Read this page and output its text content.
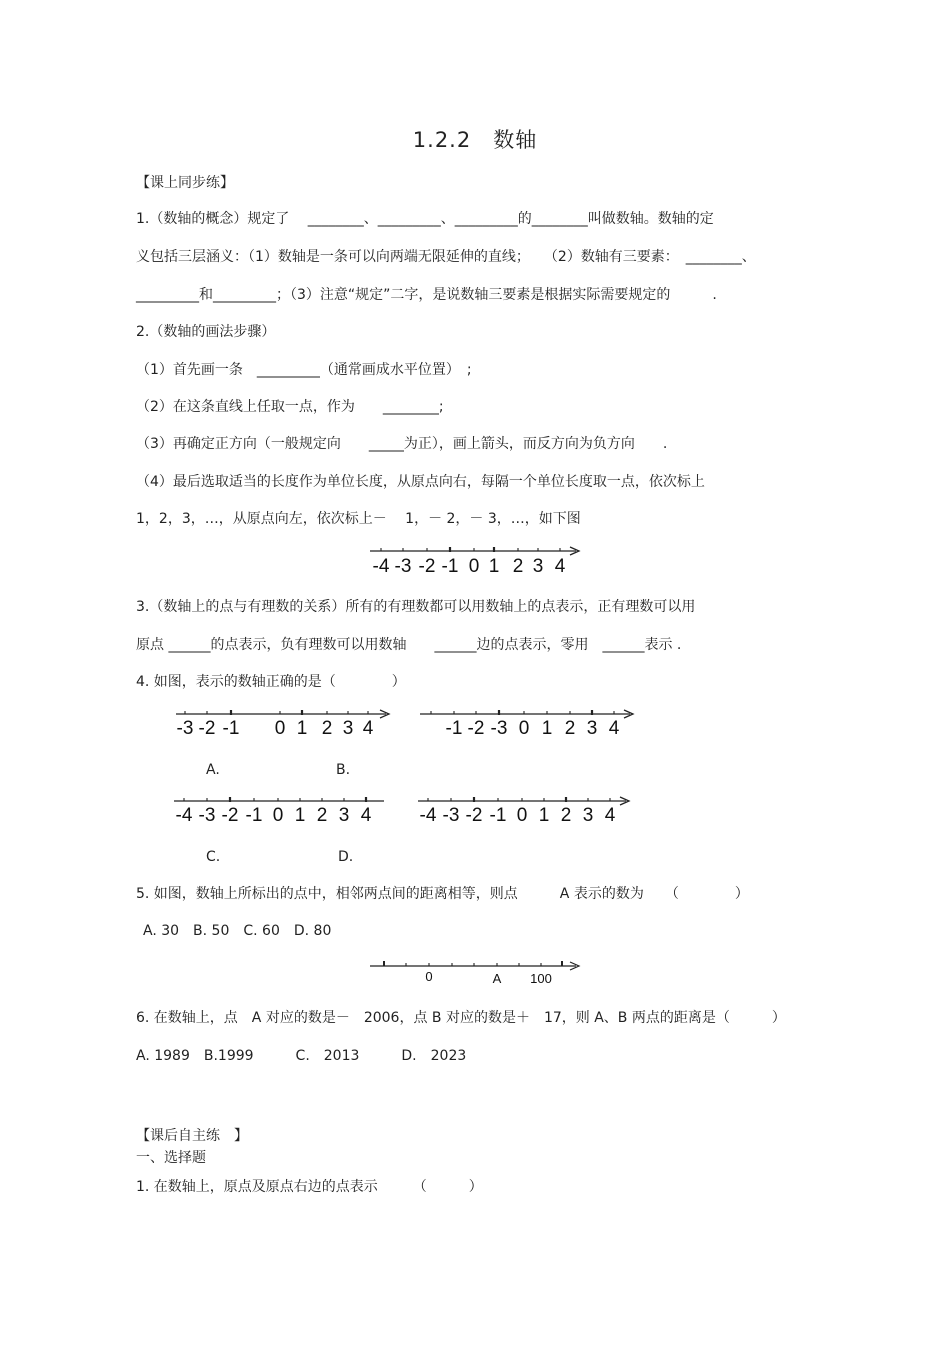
1.2.2　数轴
【课上同步练】
1.（数轴的概念）规定了　 ________、_________、_________的________叫做数轴。数轴的定
义包括三层涵义：（1）数轴是一条可以向两端无限延伸的直线；　　（2）数轴有三要素：　________、
_________和_________；（3）注意“规定”二字，是说数轴三要素是根据实际需要规定的　　　.
2.（数轴的画法步骤）
（1）首先画一条　_________（通常画成水平位置）　;
（2）在这条直线上任取一点，作为　　________;
（3）再确定正方向（一般规定向　　_____为正），画上箭头，而反方向为负方向　　.
（4）最后选取适当的长度作为单位长度，从原点向右，每隔一个单位长度取一点，依次标上
1，2，3，…，从原点向左，依次标上－　 1，－ 2，－ 3，…，如下图
-4 -3 -2 -1 0 1 2 3 4
3.（数轴上的点与有理数的关系）所有的有理数都可以用数轴上的点表示，正有理数可以用
原点 ______的点表示，负有理数可以用数轴　　______边的点表示，零用　______表示 .
4. 如图，表示的数轴正确的是（　　　　）
-3 -2 -1 0 1 2 3 4	-1 -2 -3 0 1 2 3 4
A.	B.
-4 -3 -2 -1 0 1 2 3 4	-4 -3 -2 -1 0 1 2 3 4
C.	D.
5. 如图，数轴上所标出的点中，相邻两点间的距离相等，则点　　　A 表示的数为　　（　　　　）
A. 30　B. 50　C. 60　D. 80
0	A 100
6. 在数轴上，点　A 对应的数是－　2006，点 B 对应的数是＋　17，则 A、B 两点的距离是（　　　）
A. 1989　B.1999　　　C.　2013　　　D.　2023
【课后自主练　】
一、选择题
1. 在数轴上，原点及原点右边的点表示　　　（　　　）
